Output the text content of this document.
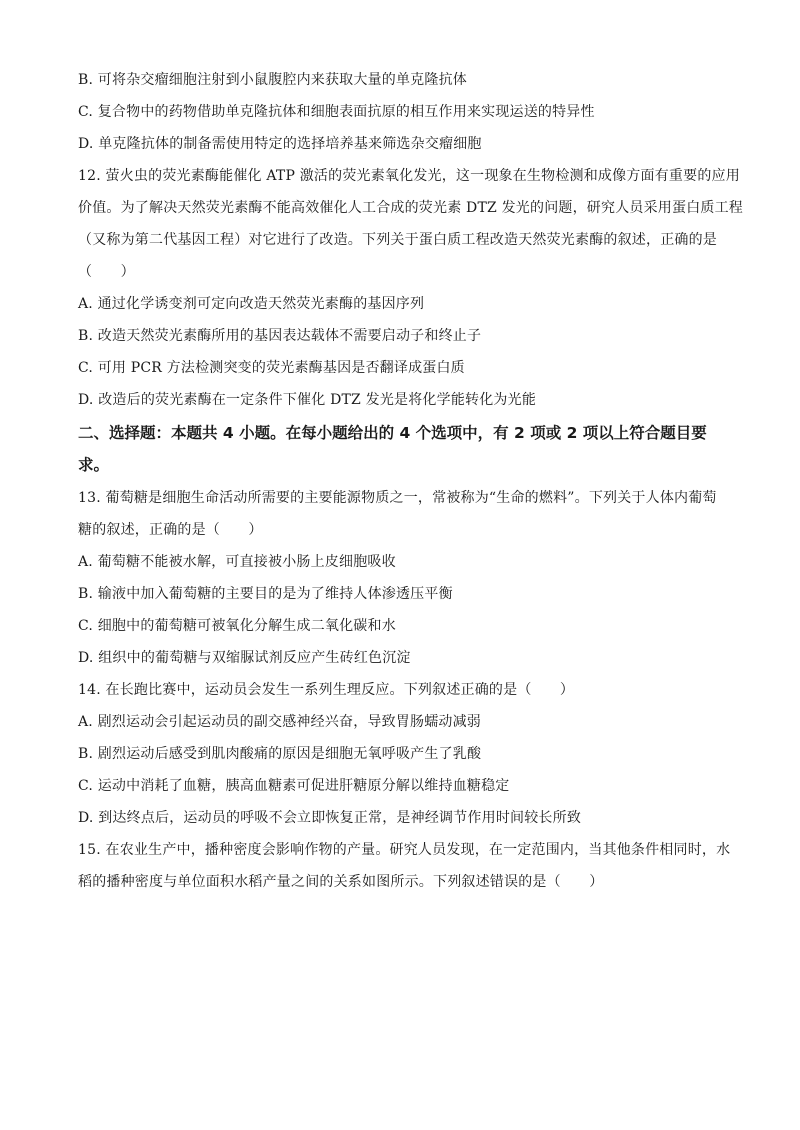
B. 可将杂交瘤细胞注射到小鼠腹腔内来获取大量的单克隆抗体
C. 复合物中的药物借助单克隆抗体和细胞表面抗原的相互作用来实现运送的特异性
D. 单克隆抗体的制备需使用特定的选择培养基来筛选杂交瘤细胞
12. 萤火虫的荧光素酶能催化 ATP 激活的荧光素氧化发光，这一现象在生物检测和成像方面有重要的应用
价值。为了解决天然荧光素酶不能高效催化人工合成的荧光素 DTZ 发光的问题，研究人员采用蛋白质工程
（又称为第二代基因工程）对它进行了改造。下列关于蛋白质工程改造天然荧光素酶的叙述，正确的是
（　　）
A. 通过化学诱变剂可定向改造天然荧光素酶的基因序列
B. 改造天然荧光素酶所用的基因表达载体不需要启动子和终止子
C. 可用 PCR 方法检测突变的荧光素酶基因是否翻译成蛋白质
D. 改造后的荧光素酶在一定条件下催化 DTZ 发光是将化学能转化为光能
二、选择题：本题共 4 小题。在每小题给出的 4 个选项中，有 2 项或 2 项以上符合题目要
求。
13. 葡萄糖是细胞生命活动所需要的主要能源物质之一，常被称为“生命的燃料”。下列关于人体内葡萄
糖的叙述，正确的是（　　）
A. 葡萄糖不能被水解，可直接被小肠上皮细胞吸收
B. 输液中加入葡萄糖的主要目的是为了维持人体渗透压平衡
C. 细胞中的葡萄糖可被氧化分解生成二氧化碳和水
D. 组织中的葡萄糖与双缩脲试剂反应产生砖红色沉淀
14. 在长跑比赛中，运动员会发生一系列生理反应。下列叙述正确的是（　　）
A. 剧烈运动会引起运动员的副交感神经兴奋，导致胃肠蠕动减弱
B. 剧烈运动后感受到肌肉酸痛的原因是细胞无氧呼吸产生了乳酸
C. 运动中消耗了血糖，胰高血糖素可促进肝糖原分解以维持血糖稳定
D. 到达终点后，运动员的呼吸不会立即恢复正常，是神经调节作用时间较长所致
15. 在农业生产中，播种密度会影响作物的产量。研究人员发现，在一定范围内，当其他条件相同时，水
稻的播种密度与单位面积水稻产量之间的关系如图所示。下列叙述错误的是（　　）
